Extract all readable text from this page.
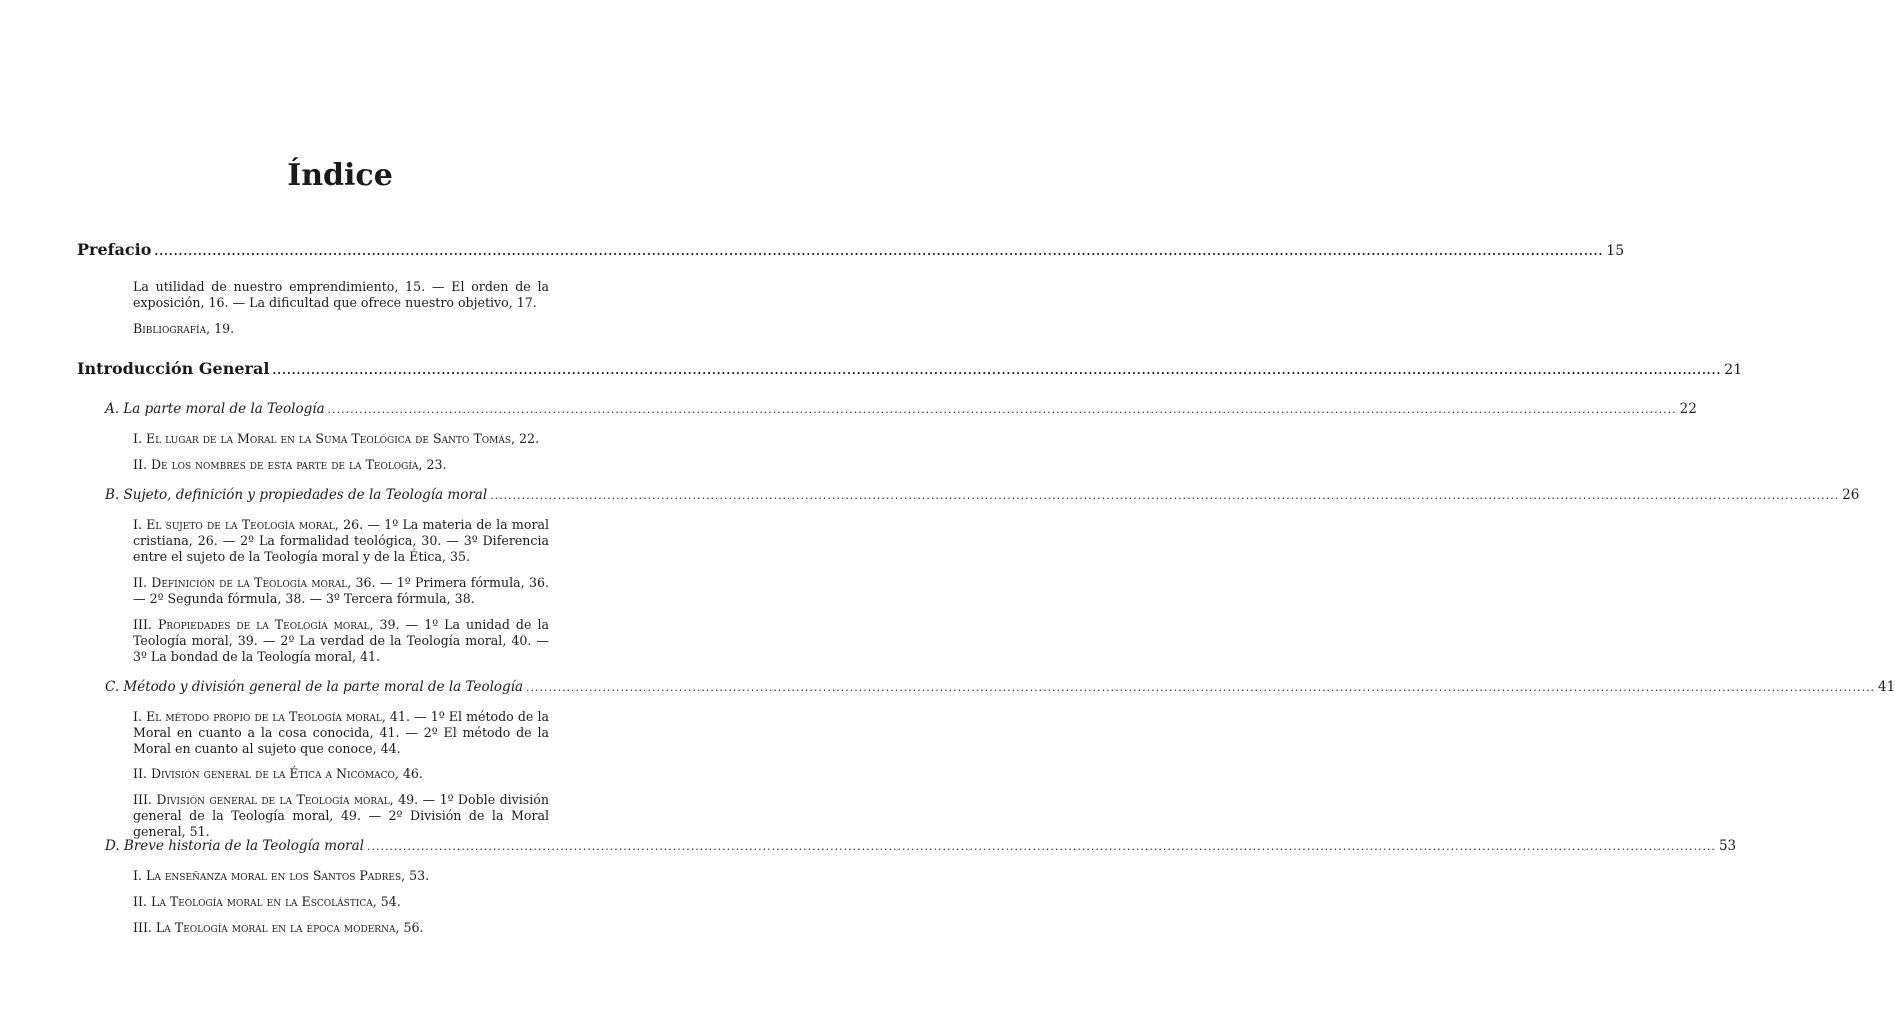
Índice
Prefacio ............................................................................................................................................................................................................................................................................................................ 15

La utilidad de nuestro emprendimiento, 15. — El orden de la exposición, 16. — La dificultad que ofrece nuestro objetivo, 17.

Bibliografía, 19.

Introducción General ............................................................................................................................................................................................................................................................................................................ 21
A. La parte moral de la Teología ............................................................................................................................................................................................................................................................................................................ 22

I. El lugar de la Moral en la Suma Teológica de Santo Tomás, 22.

II. De los nombres de esta parte de la Teología, 23.

B. Sujeto, definición y propiedades de la Teología moral ............................................................................................................................................................................................................................................................................................................ 26

I. El sujeto de la Teología moral, 26. — 1º La materia de la moral cristiana, 26. — 2º La formalidad teológica, 30. — 3º Diferencia entre el sujeto de la Teología moral y de la Ética, 35.

II. Definición de la Teología moral, 36. — 1º Primera fórmula, 36. — 2º Segunda fórmula, 38. — 3º Tercera fórmula, 38.

III. Propiedades de la Teología moral, 39. — 1º La unidad de la Teología moral, 39. — 2º La verdad de la Teología moral, 40. — 3º La bondad de la Teología moral, 41.

C. Método y división general de la parte moral de la Teología ............................................................................................................................................................................................................................................................................................................ 41

I. El método propio de la Teología moral, 41. — 1º El método de la Moral en cuanto a la cosa conocida, 41. — 2º El método de la Moral en cuanto al sujeto que conoce, 44.

II. División general de la Ética a Nicómaco, 46.

III. División general de la Teología moral, 49. — 1º Doble división general de la Teología moral, 49. — 2º División de la Moral general, 51.

D. Breve historia de la Teología moral ............................................................................................................................................................................................................................................................................................................ 53

I. La enseñanza moral en los Santos Padres, 53.

II. La Teología moral en la Escolástica, 54.

III. La Teología moral en la época moderna, 56.
